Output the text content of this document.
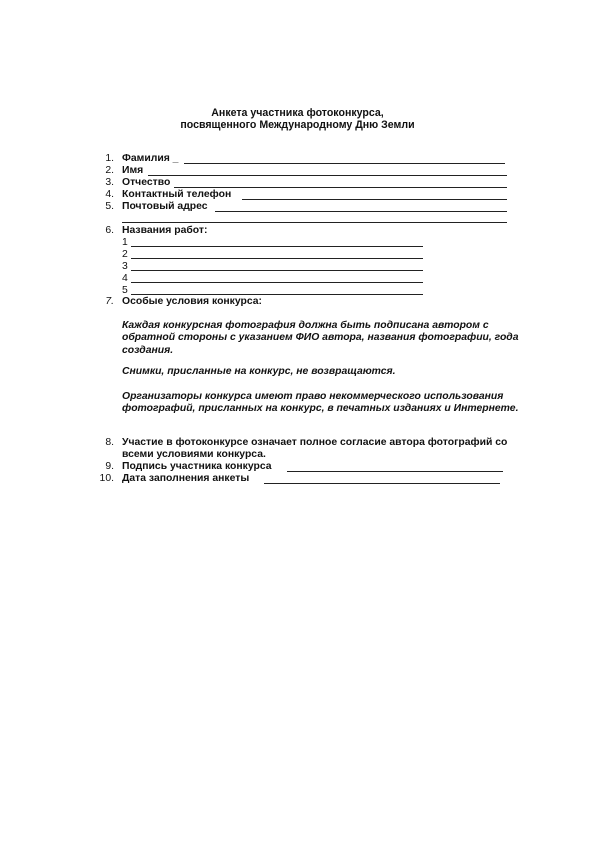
Анкета участника фотоконкурса,
посвященного Международному Дню Земли
1. Фамилия _
2. Имя
3. Отчество
4. Контактный телефон
5. Почтовый адрес
6. Названия работ:
1
2
3
4
5
7. Особые условия конкурса:
Каждая конкурсная фотография должна быть подписана автором с обратной стороны с указанием ФИО автора, названия фотографии, года создания.
Снимки, присланные на конкурс, не возвращаются.
Организаторы конкурса имеют право некоммерческого использования фотографий, присланных на конкурс, в печатных изданиях и Интернете.
8. Участие в фотоконкурсе означает полное согласие автора фотографий со всеми условиями конкурса.
9. Подпись участника конкурса
10. Дата заполнения анкеты
